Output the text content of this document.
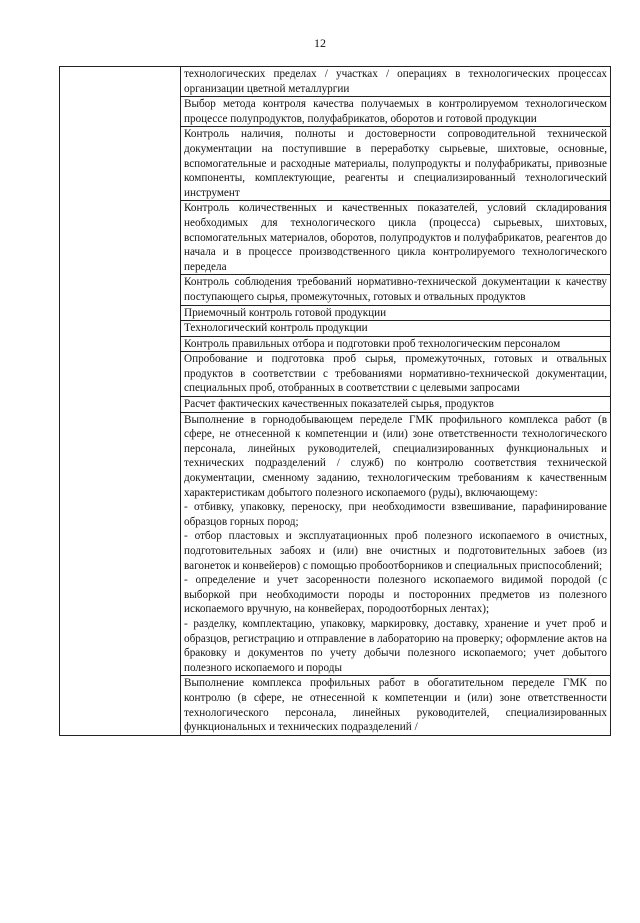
12

технологических пределах / участках / операциях в технологических процессах организации цветной металлургии

Выбор метода контроля качества получаемых в контролируемом технологическом процессе полупродуктов, полуфабрикатов, оборотов и готовой продукции

Контроль наличия, полноты и достоверности сопроводительной технической документации на поступившие в переработку сырьевые, шихтовые, основные, вспомогательные и расходные материалы, полупродукты и полуфабрикаты, привозные компоненты, комплектующие, реагенты и специализированный технологический инструмент

Контроль количественных и качественных показателей, условий складирования необходимых для технологического цикла (процесса) сырьевых, шихтовых, вспомогательных материалов, оборотов, полупродуктов и полуфабрикатов, реагентов до начала и в процессе производственного цикла контролируемого технологического передела

Контроль соблюдения требований нормативно-технической документации к качеству поступающего сырья, промежуточных, готовых и отвальных продуктов

Приемочный контроль готовой продукции

Технологический контроль продукции

Контроль правильных отбора и подготовки проб технологическим персоналом

Опробование и подготовка проб сырья, промежуточных, готовых и отвальных продуктов в соответствии с требованиями нормативно-технической документации, специальных проб, отобранных в соответствии с целевыми запросами

Расчет фактических качественных показателей сырья, продуктов

Выполнение в горнодобывающем переделе ГМК профильного комплекса работ (в сфере, не отнесенной к компетенции и (или) зоне ответственности технологического персонала, линейных руководителей, специализированных функциональных и технических подразделений / служб) по контролю соответствия технической документации, сменному заданию, технологическим требованиям к качественным характеристикам добытого полезного ископаемого (руды), включающему:
- отбивку, упаковку, переноску, при необходимости взвешивание, парафинирование образцов горных пород;
- отбор пластовых и эксплуатационных проб полезного ископаемого в очистных, подготовительных забоях и (или) вне очистных и подготовительных забоев (из вагонеток и конвейеров) с помощью пробоотборников и специальных приспособлений;
- определение и учет засоренности полезного ископаемого видимой породой (с выборкой при необходимости породы и посторонних предметов из полезного ископаемого вручную, на конвейерах, породоотборных лентах);
- разделку, комплектацию, упаковку, маркировку, доставку, хранение и учет проб и образцов, регистрацию и отправление в лабораторию на проверку; оформление актов на браковку и документов по учету добычи полезного ископаемого; учет добытого полезного ископаемого и породы

Выполнение комплекса профильных работ в обогатительном переделе ГМК по контролю (в сфере, не отнесенной к компетенции и (или) зоне ответственности технологического персонала, линейных руководителей, специализированных функциональных и технических подразделений /
